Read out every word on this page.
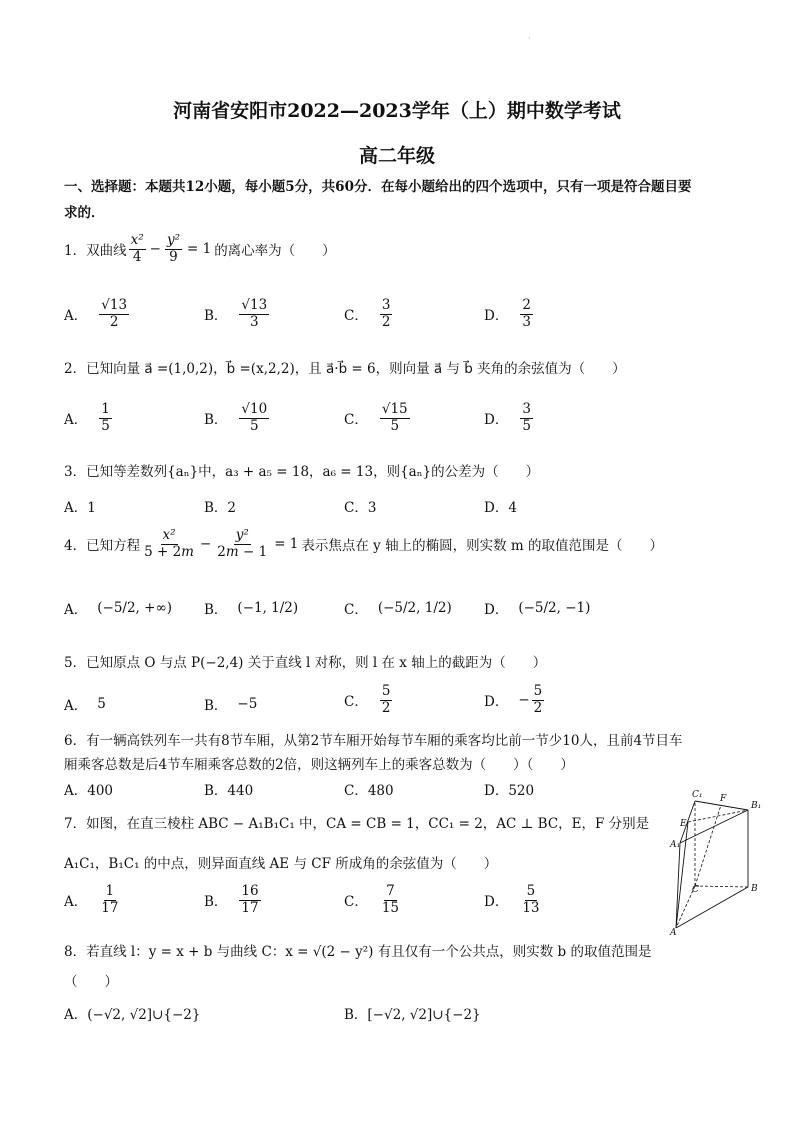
·
河南省安阳市2022—2023学年（上）期中数学考试
高二年级
一、选择题：本题共12小题，每小题5分，共60分．在每小题给出的四个选项中，只有一项是符合题目要
求的．
1．双曲线 $\frac{\text{x²}}{4} - \frac{\text{y²}}{9} = 1$ 的离心率为（　　）
A． $\frac{√13}{2}$	B． $\frac{√13}{3}$	C． $\frac{3}{2}$	D． $\frac{2}{3}$
2．已知向量 a⃗ =(1,0,2)，b⃗ =(x,2,2)，且 a⃗·b⃗ = 6，则向量 a⃗ 与 b⃗ 夹角的余弦值为（　　）
A． $\frac{1}{5}$	B． $\frac{√10}{5}$	C． $\frac{√15}{5}$	D． $\frac{3}{5}$
3．已知等差数列{aₙ}中，a₃ + a₅ = 18，a₆ = 13，则{aₙ}的公差为（　　）
A．1	B．2	C．3	D．4
4．已知方程 $\frac{\text{x²}}{5 + 2m} - \frac{\text{y²}}{2m - 1} = 1$ 表示焦点在 y 轴上的椭圆，则实数 m 的取值范围是（　　）
A． (−5/2, +∞) B． (−1, 1/2)	C． (−5/2, 1/2) D． (−5/2, −1)
5．已知原点 O 与点 P(−2,4) 关于直线 l 对称，则 l 在 x 轴上的截距为（　　）
A． 5	B． −5	C． $\frac{5}{2}$	D． − $\frac{5}{2}$
6．有一辆高铁列车一共有8节车厢，从第2节车厢开始每节车厢的乘客均比前一节少10人，且前4节目车
厢乘客总数是后4节车厢乘客总数的2倍，则这辆列车上的乘客总数为（　　）（　　）
A．400	B．440	C．480	D．520
7．如图，在直三棱柱 ABC − A₁B₁C₁ 中，CA = CB = 1，CC₁ = 2，AC ⊥ BC，E，F 分别是
A₁C₁，B₁C₁ 的中点，则异面直线 AE 与 CF 所成角的余弦值为（　　）
A． $\frac{1}{17}$	B． $\frac{16}{17}$	C． $\frac{7}{15}$	D． $\frac{5}{13}$
C₁ F
B₁
E
A₁
C	B
A
8．若直线 l：y = x + b 与曲线 C：x = √(2 − y²) 有且仅有一个公共点，则实数 b 的取值范围是
（　　）
A．(−√2, √2]∪{−2}	B．[−√2, √2]∪{−2}
